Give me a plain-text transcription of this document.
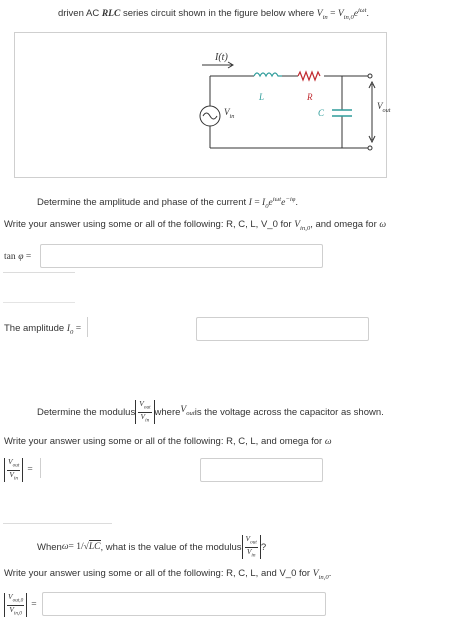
driven AC RLC series circuit shown in the figure below where $V_{in} = V_{in,0}e^{i\omega t}$.
I(t)
L	R
C
$V_{in}$
$V_{out}$
Determine the amplitude and phase of the current $I = I_0e^{i\omega t}e^{-i\varphi}$.
Write your answer using some or all of the following: R, C, L, V_0 for $V_{in,0}$, and omega for ω
tan φ =
The amplitude $I_0$ =
Determine the modulus $\frac{V_{out}}{V_{in}}$ where $V_{out}$ is the voltage across the capacitor as shown.
Write your answer using some or all of the following: R, C, L, and omega for ω
$\frac{V_{out}}{V_{in}}$ =
When ω = 1/ √ LC , what is the value of the modulus $\frac{V_{out}}{V_{in}}$ ?
Write your answer using some or all of the following: R, C, L, and V_0 for $V_{in,0}$.
$\frac{V_{out,0}}{V_{in,0}}$ =
